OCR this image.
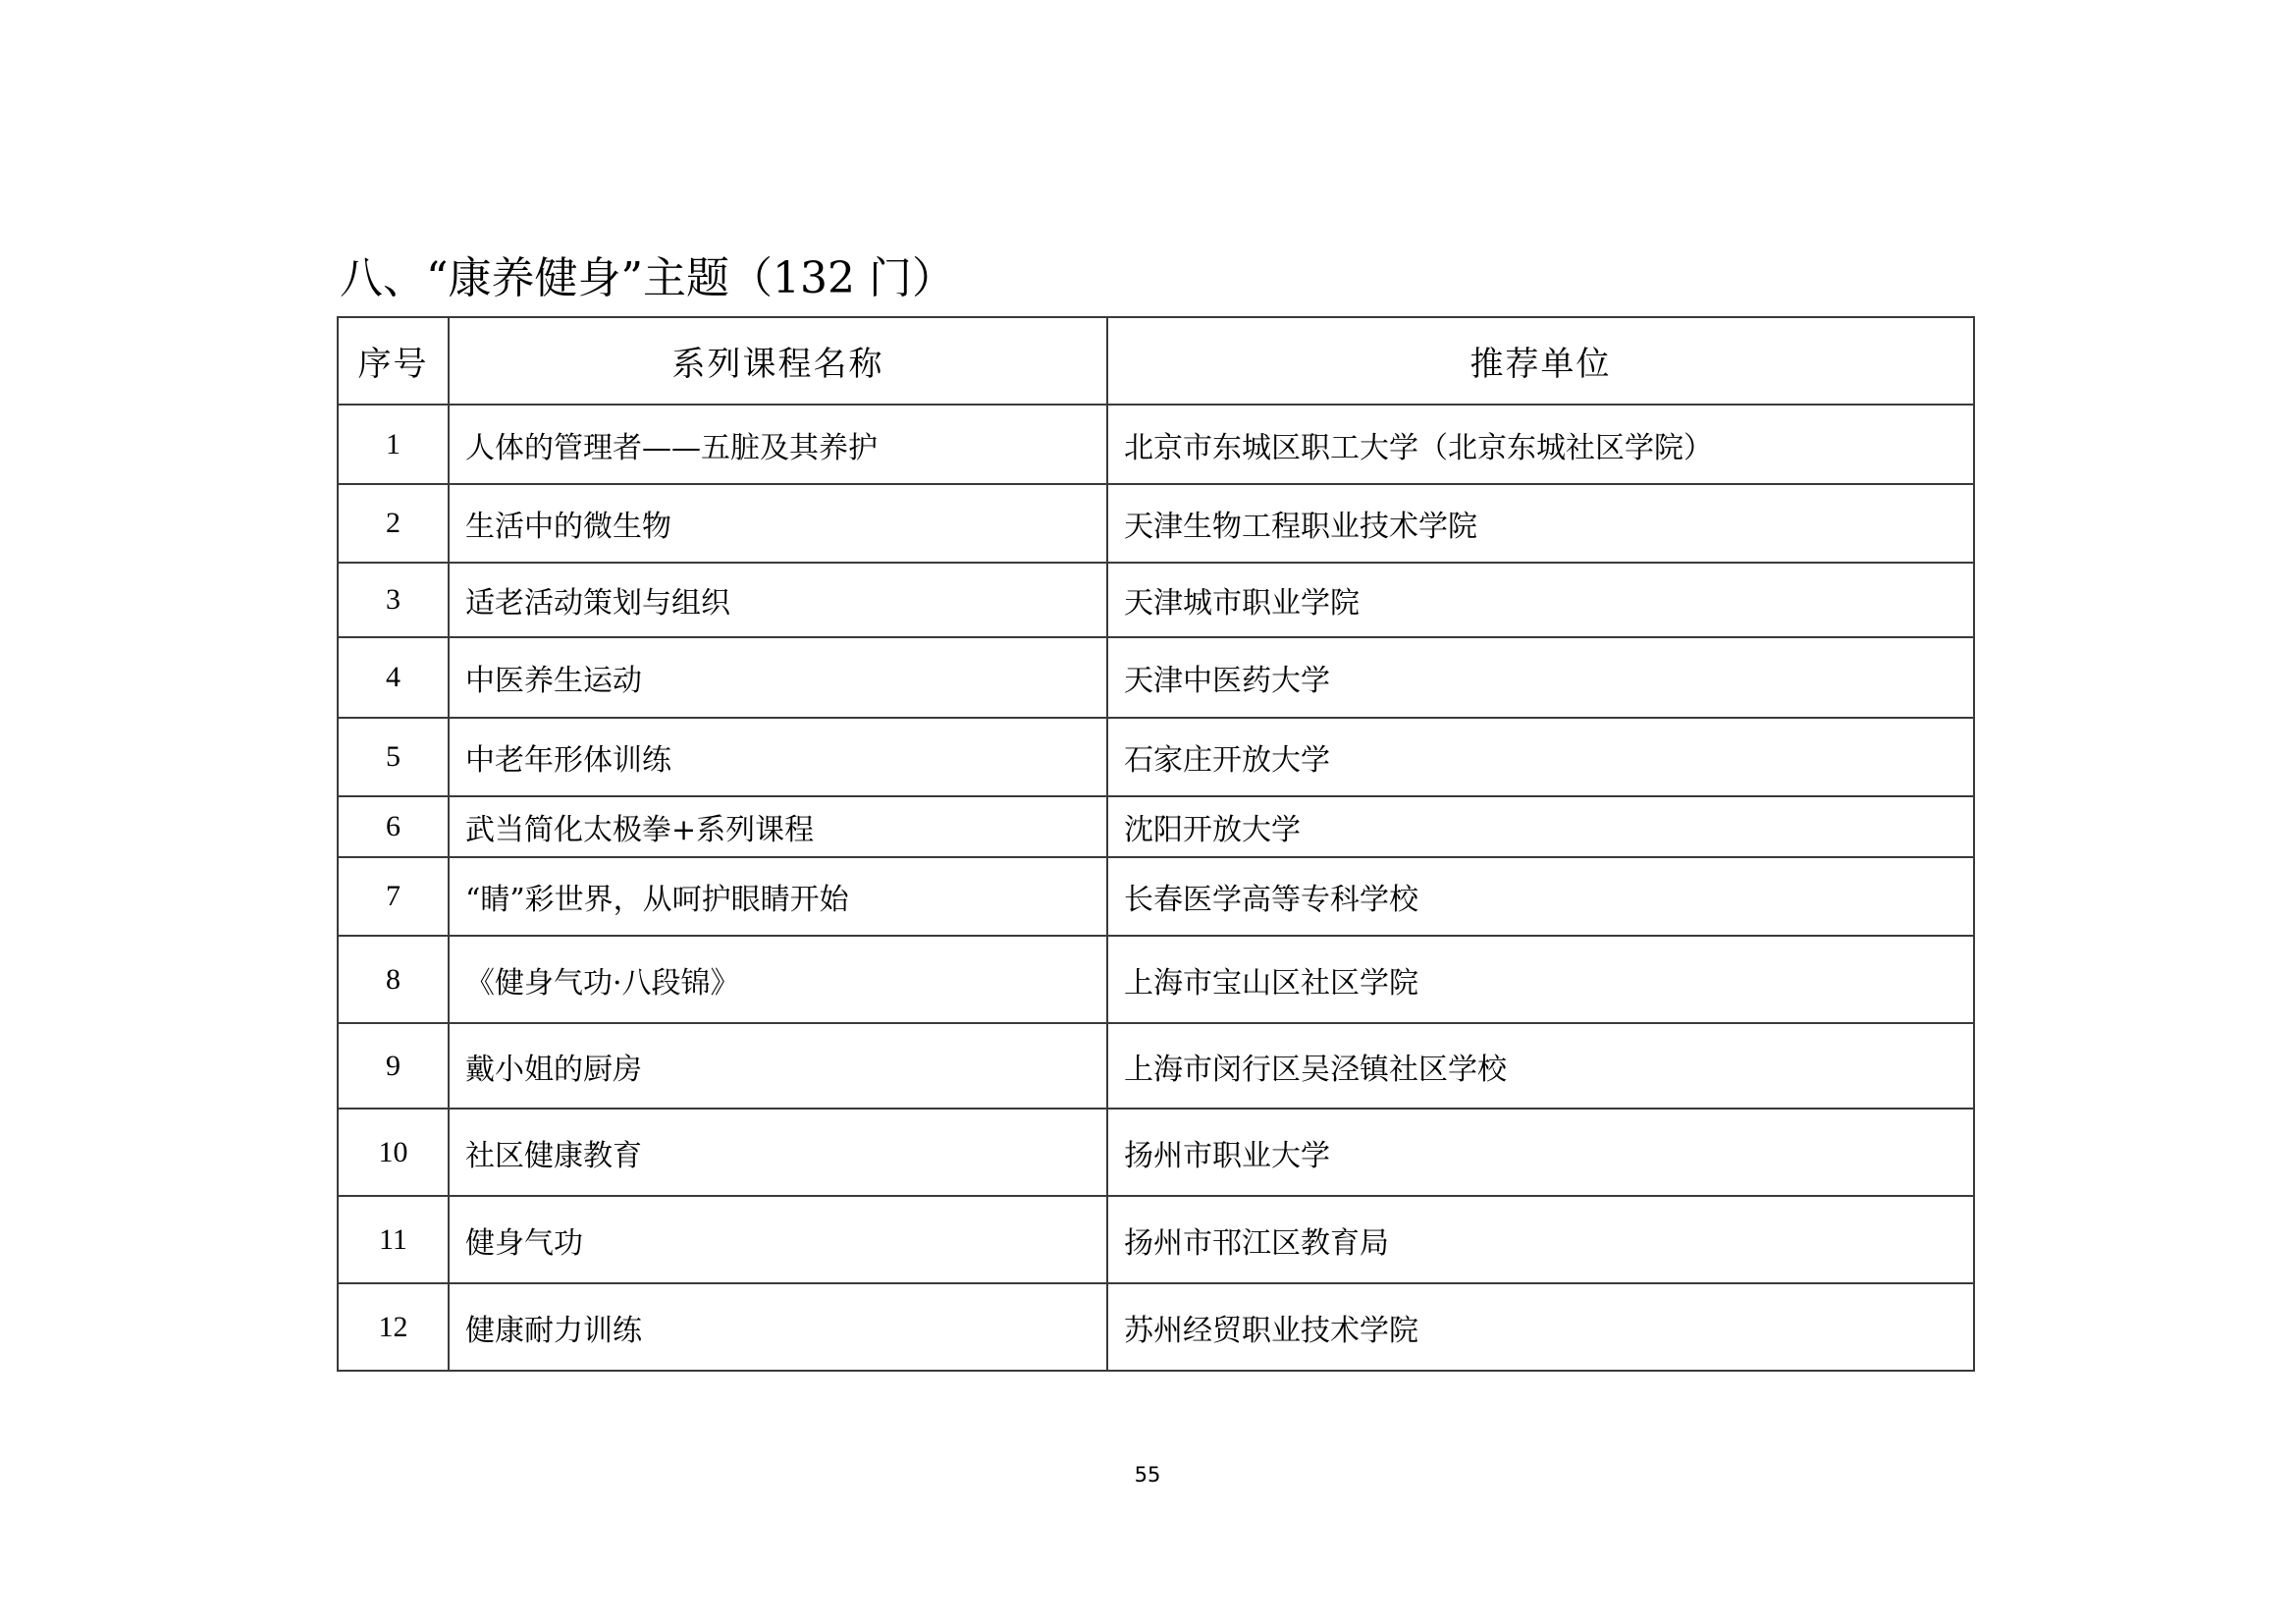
八、“康养健身”主题（132 门）
序号	系列课程名称	推荐单位
1	人体的管理者——五脏及其养护	北京市东城区职工大学（北京东城社区学院）
2	生活中的微生物	天津生物工程职业技术学院
3	适老活动策划与组织	天津城市职业学院
4	中医养生运动	天津中医药大学
5	中老年形体训练	石家庄开放大学
6	武当简化太极拳+系列课程	沈阳开放大学
7	“睛”彩世界，从呵护眼睛开始	长春医学高等专科学校
8	《健身气功·八段锦》	上海市宝山区社区学院
9	戴小姐的厨房	上海市闵行区吴泾镇社区学校
10	社区健康教育	扬州市职业大学
11	健身气功	扬州市邗江区教育局
12	健康耐力训练	苏州经贸职业技术学院
55
